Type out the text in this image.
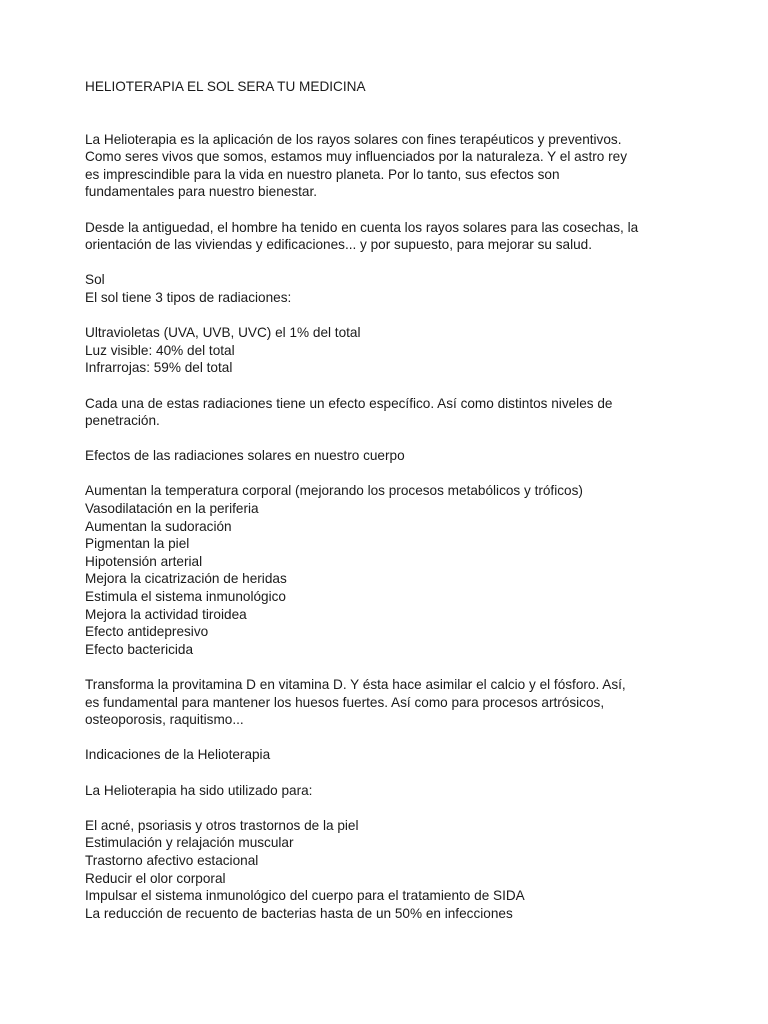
HELIOTERAPIA EL SOL SERA TU MEDICINA
La Helioterapia es la aplicación de los rayos solares con fines terapéuticos y preventivos.
Como seres vivos que somos, estamos muy influenciados por la naturaleza. Y el astro rey
es imprescindible para la vida en nuestro planeta. Por lo tanto, sus efectos son
fundamentales para nuestro bienestar.
Desde la antiguedad, el hombre ha tenido en cuenta los rayos solares para las cosechas, la
orientación de las viviendas y edificaciones... y por supuesto, para mejorar su salud.
Sol
El sol tiene 3 tipos de radiaciones:
Ultravioletas (UVA, UVB, UVC) el 1% del total
Luz visible: 40% del total
Infrarrojas: 59% del total
Cada una de estas radiaciones tiene un efecto específico. Así como distintos niveles de
penetración.
Efectos de las radiaciones solares en nuestro cuerpo
Aumentan la temperatura corporal (mejorando los procesos metabólicos y tróficos)
Vasodilatación en la periferia
Aumentan la sudoración
Pigmentan la piel
Hipotensión arterial
Mejora la cicatrización de heridas
Estimula el sistema inmunológico
Mejora la actividad tiroidea
Efecto antidepresivo
Efecto bactericida
Transforma la provitamina D en vitamina D. Y ésta hace asimilar el calcio y el fósforo. Así,
es fundamental para mantener los huesos fuertes. Así como para procesos artrósicos,
osteoporosis, raquitismo...
Indicaciones de la Helioterapia
La Helioterapia ha sido utilizado para:
El acné, psoriasis y otros trastornos de la piel
Estimulación y relajación muscular
Trastorno afectivo estacional
Reducir el olor corporal
Impulsar el sistema inmunológico del cuerpo para el tratamiento de SIDA
La reducción de recuento de bacterias hasta de un 50% en infecciones
